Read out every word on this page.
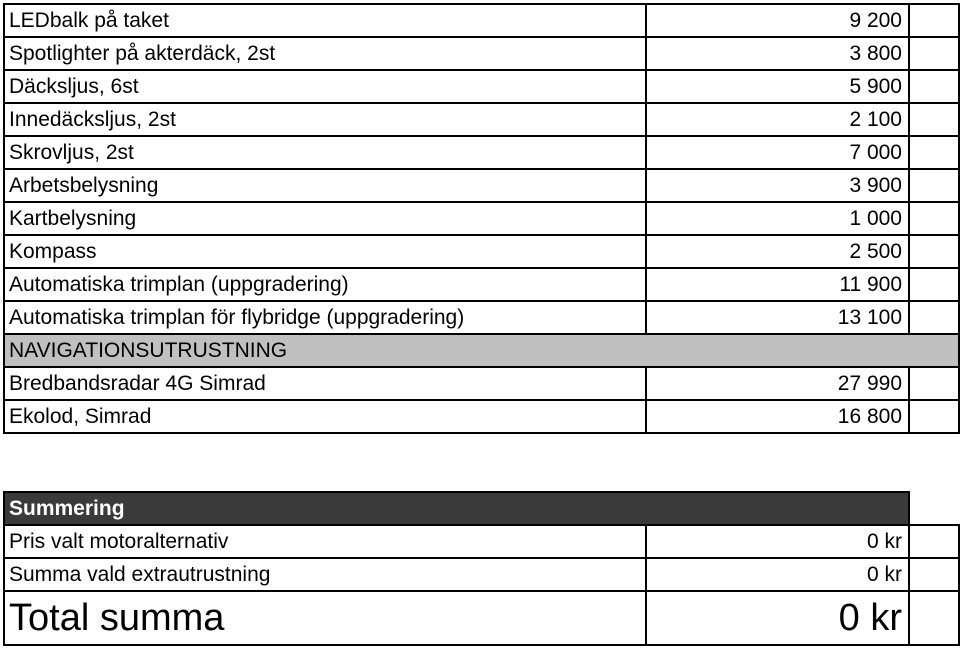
LEDbalk på taket	9 200	
Spotlighter på akterdäck, 2st	3 800	
Däcksljus, 6st	5 900	
Innedäcksljus, 2st	2 100	
Skrovljus, 2st	7 000	
Arbetsbelysning	3 900	
Kartbelysning	1 000	
Kompass	2 500	
Automatiska trimplan (uppgradering)	11 900	
Automatiska trimplan för flybridge (uppgradering)	13 100	
NAVIGATIONSUTRUSTNING		
Bredbandsradar 4G Simrad	27 990	
Ekolod, Simrad	16 800	
Summering		
Pris valt motoralternativ	0 kr	
Summa vald extrautrustning	0 kr	
Total summa	0 kr	
